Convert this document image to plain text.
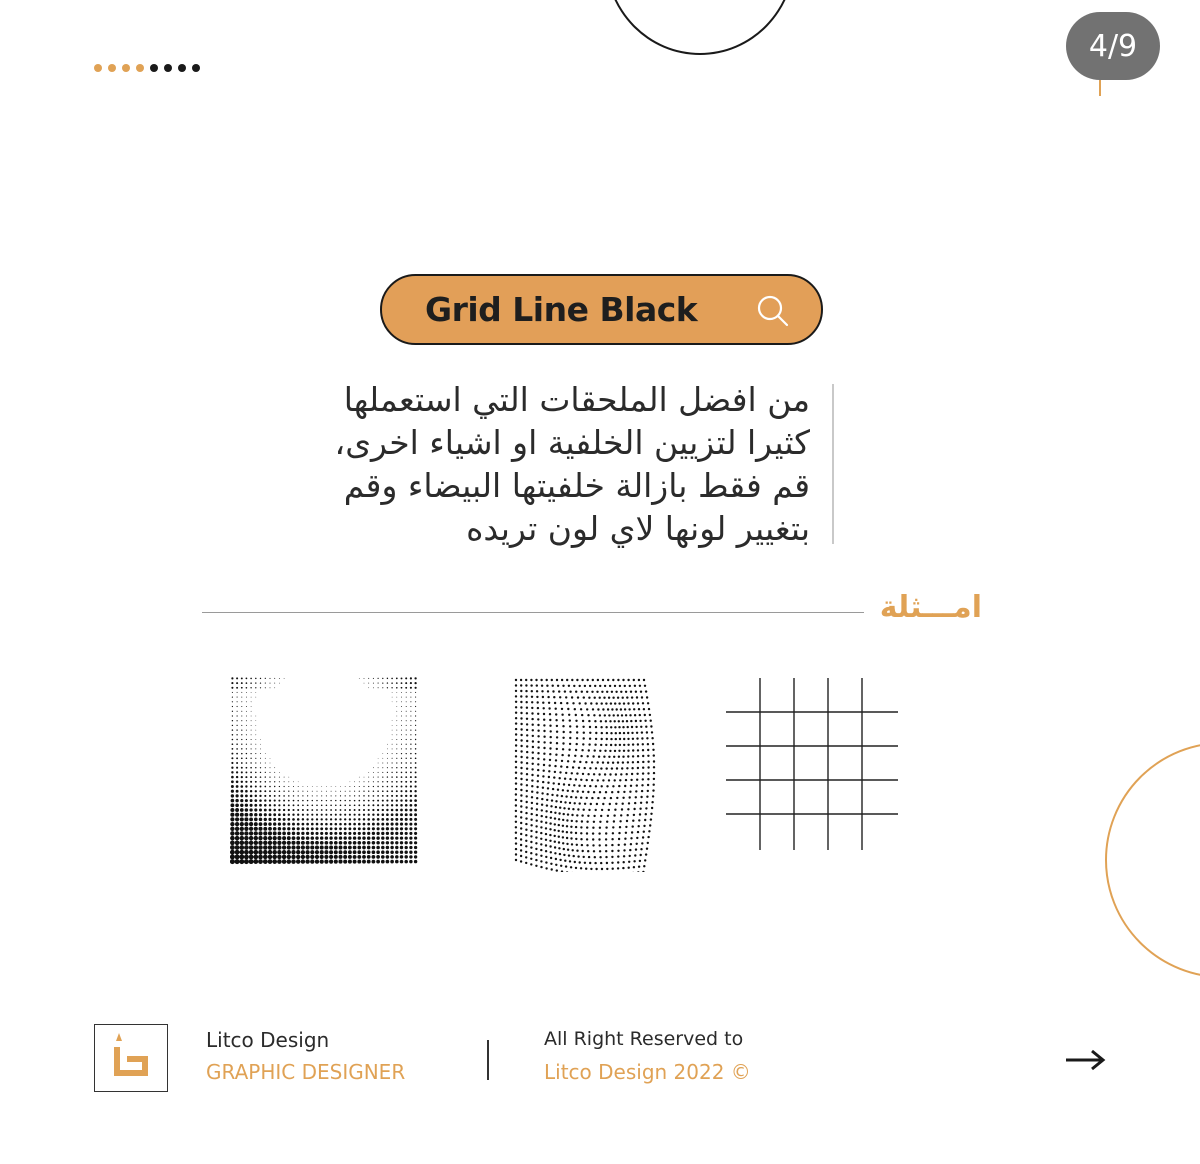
4/9
Grid Line Black
من افضل الملحقات التي استعملها
كثيرا لتزيين الخلفية او اشياء اخرى،
قم فقط بازالة خلفيتها البيضاء وقم
بتغيير لونها لاي لون تريده
امـــثلة
Litco Design
GRAPHIC DESIGNER
All Right Reserved to
Litco Design 2022 ©
